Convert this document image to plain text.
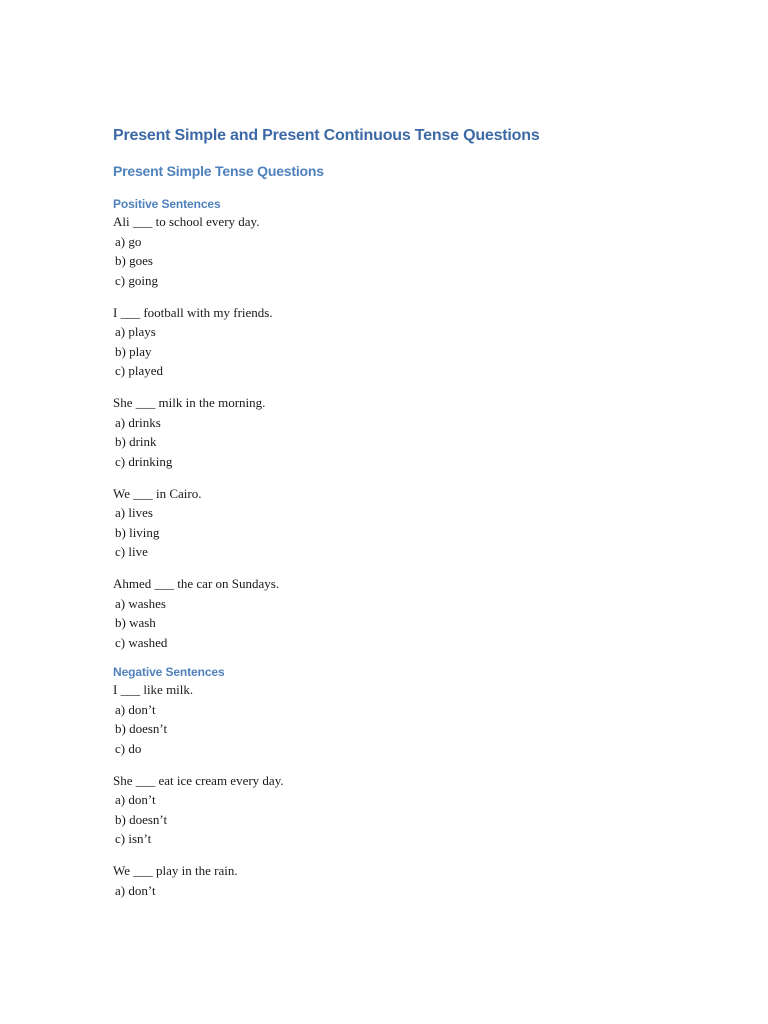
Present Simple and Present Continuous Tense Questions
Present Simple Tense Questions
Positive Sentences
Ali ___ to school every day.
a) go
b) goes
c) going
I ___ football with my friends.
a) plays
b) play
c) played
She ___ milk in the morning.
a) drinks
b) drink
c) drinking
We ___ in Cairo.
a) lives
b) living
c) live
Ahmed ___ the car on Sundays.
a) washes
b) wash
c) washed
Negative Sentences
I ___ like milk.
a) don’t
b) doesn’t
c) do
She ___ eat ice cream every day.
a) don’t
b) doesn’t
c) isn’t
We ___ play in the rain.
a) don’t
